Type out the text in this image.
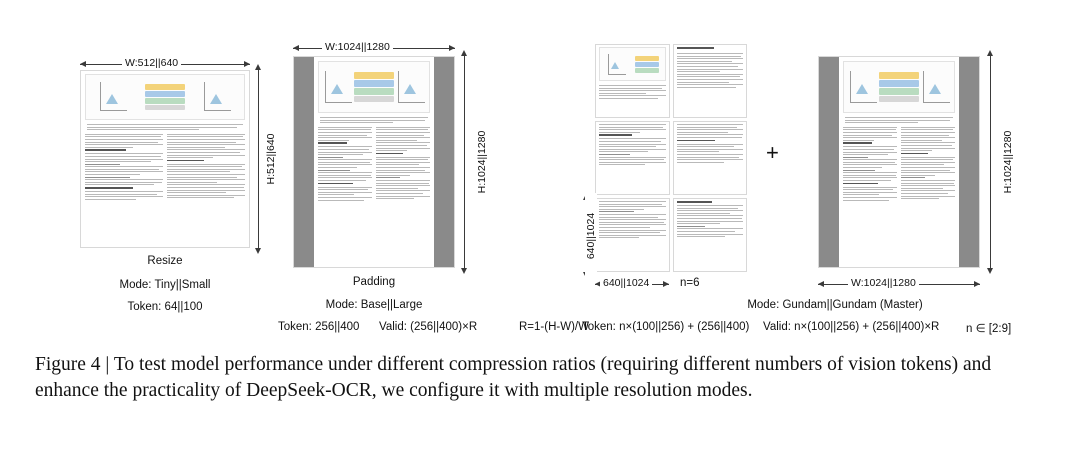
W:512||640
H:512||640
Resize
Mode: Tiny||Small
Token: 64||100
W:1024||1280
H:1024||1280
Padding
Mode: Base||Large
Token: 256||400 Valid: (256||400)×R	R=1-(H-W)/W
640||1024
640||1024
n=6
+
W:1024||1280
H:1024||1280
Mode: Gundam||Gundam (Master)
Token: n×(100||256) + (256||400) Valid: n×(100||256) + (256||400)×R n ∈ [2:9]
Figure 4 | To test model performance under different compression ratios (requiring different numbers of vision tokens) and enhance the practicality of DeepSeek-OCR, we configure it with multiple resolution modes.
